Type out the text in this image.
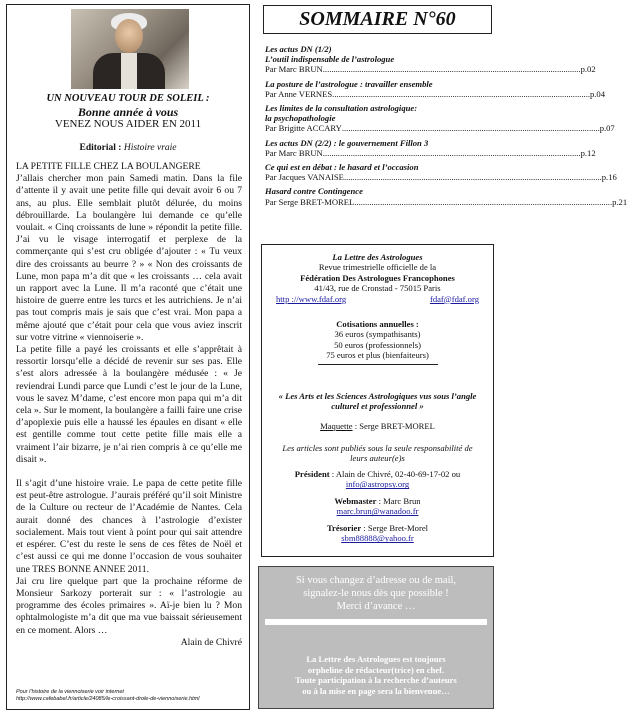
UN NOUVEAU TOUR DE SOLEIL :
Bonne année à vous
VENEZ NOUS AIDER EN 2011
Editorial : Histoire vraie

LA PETITE FILLE CHEZ LA BOULANGERE

J’allais chercher mon pain Samedi matin. Dans la file d’attente il y avait une petite fille qui devait avoir 6 ou 7 ans, au plus. Elle semblait plutôt délurée, du moins débrouillarde. La boulangère lui demande ce qu’elle voulait. « Cinq croissants de lune » répondit la petite fille. J’ai vu le visage interrogatif et perplexe de la commerçante qui s’est cru obligée d’ajouter : « Tu veux dire des croissants au beurre ? » « Non des croissants de Lune, mon papa m’a dit que « les croissants … cela avait un rapport avec la Lune. Il m’a raconté que c’était une histoire de guerre entre les turcs et les autrichiens. Je n’ai pas tout compris mais je sais que c’est vrai. Mon papa a même ajouté que c’était pour cela que vous aviez inscrit sur votre vitrine « viennoiserie ».

La petite fille a payé les croissants et elle s’apprêtait à ressortir lorsqu’elle a décidé de revenir sur ses pas. Elle s’est alors adressée à la boulangère médusée : « Je reviendrai Lundi parce que Lundi c’est le jour de la Lune, vous le savez M’dame, c’est encore mon papa qui m’a dit cela ». Sur le moment, la boulangère a failli faire une crise d’apoplexie puis elle a haussé les épaules en disant « elle est gentille comme tout cette petite fille mais elle a vraiment l’air bizarre, je n’ai rien compris à ce qu’elle me disait ».

Il s’agit d’une histoire vraie. Le papa de cette petite fille est peut-être astrologue. J’aurais préféré qu’il soit Ministre de la Culture ou recteur de l’Académie de Nantes. Cela aurait donné des chances à l’astrologie d’exister socialement. Mais tout vient à point pour qui sait attendre et espérer. C’est du reste le sens de ces fêtes de Noël et c’est aussi ce qui me donne l’occasion de vous souhaiter une TRES BONNE ANNEE 2011.

Jai cru lire quelque part que la prochaine réforme de Monsieur Sarkozy porterait sur : « l’astrologie au programme des écoles primaires ». Aï-je bien lu ? Mon ophtalmologiste m’a dit que ma vue baissait sérieusement en ce moment. Alors …

Alain de Chivré

Pour l’histoire de la viennoiserie voir internet
http://www.cafebabel.fr/article/24085/le-croissant-drole-de-viennoiserie.html
SOMMAIRE N°60
Les actus DN (1/2)
L’outil indispensable de l’astrologue
Par Marc BRUN ........................................................................................................................ p.02
La posture de l’astrologue : travailler ensemble
Par Anne VERNES ........................................................................................................................ p.04
Les limites de la consultation astrologique:
la psychopathologie
Par Brigitte ACCARY ........................................................................................................................ p.07
Les actus DN (2/2) : le gouvernement Fillon 3
Par Marc BRUN ........................................................................................................................ p.12
Ce qui est en débat : le hasard et l’occasion
Par Jacques VANAISE ........................................................................................................................ p.16
Hasard contre Contingence
Par Serge BRET-MOREL ........................................................................................................................ p.21
La Lettre des Astrologues
Revue trimestrielle officielle de la
Fédération Des Astrologues Francophones
41/43, rue de Cronstad - 75015 Paris
http ://www.fdaf.org	fdaf@fdaf.org
Cotisations annuelles :
36 euros (sympathisants)
50 euros (professionnels)
75 euros et plus (bienfaiteurs)
« Les Arts et les Sciences Astrologiques vus sous l’angle culturel et professionnel »
Maquette : Serge BRET-MOREL
Les articles sont publiés sous la seule responsabilité de leurs auteur(e)s
Président : Alain de Chivré, 02-40-69-17-02 ou
info@astropsy.org
Webmaster : Marc Brun
marc.brun@wanadoo.fr
Trésorier : Serge Bret-Morel
sbm88888@yahoo.fr
Si vous changez d’adresse ou de mail,
signalez-le nous dès que possible !
Merci d’avance …
La Lettre des Astrologues est toujours
orpheline de rédacteur(trice) en chef.
Toute participation à la recherche d’auteurs
ou à la mise en page sera la bienvenue…
